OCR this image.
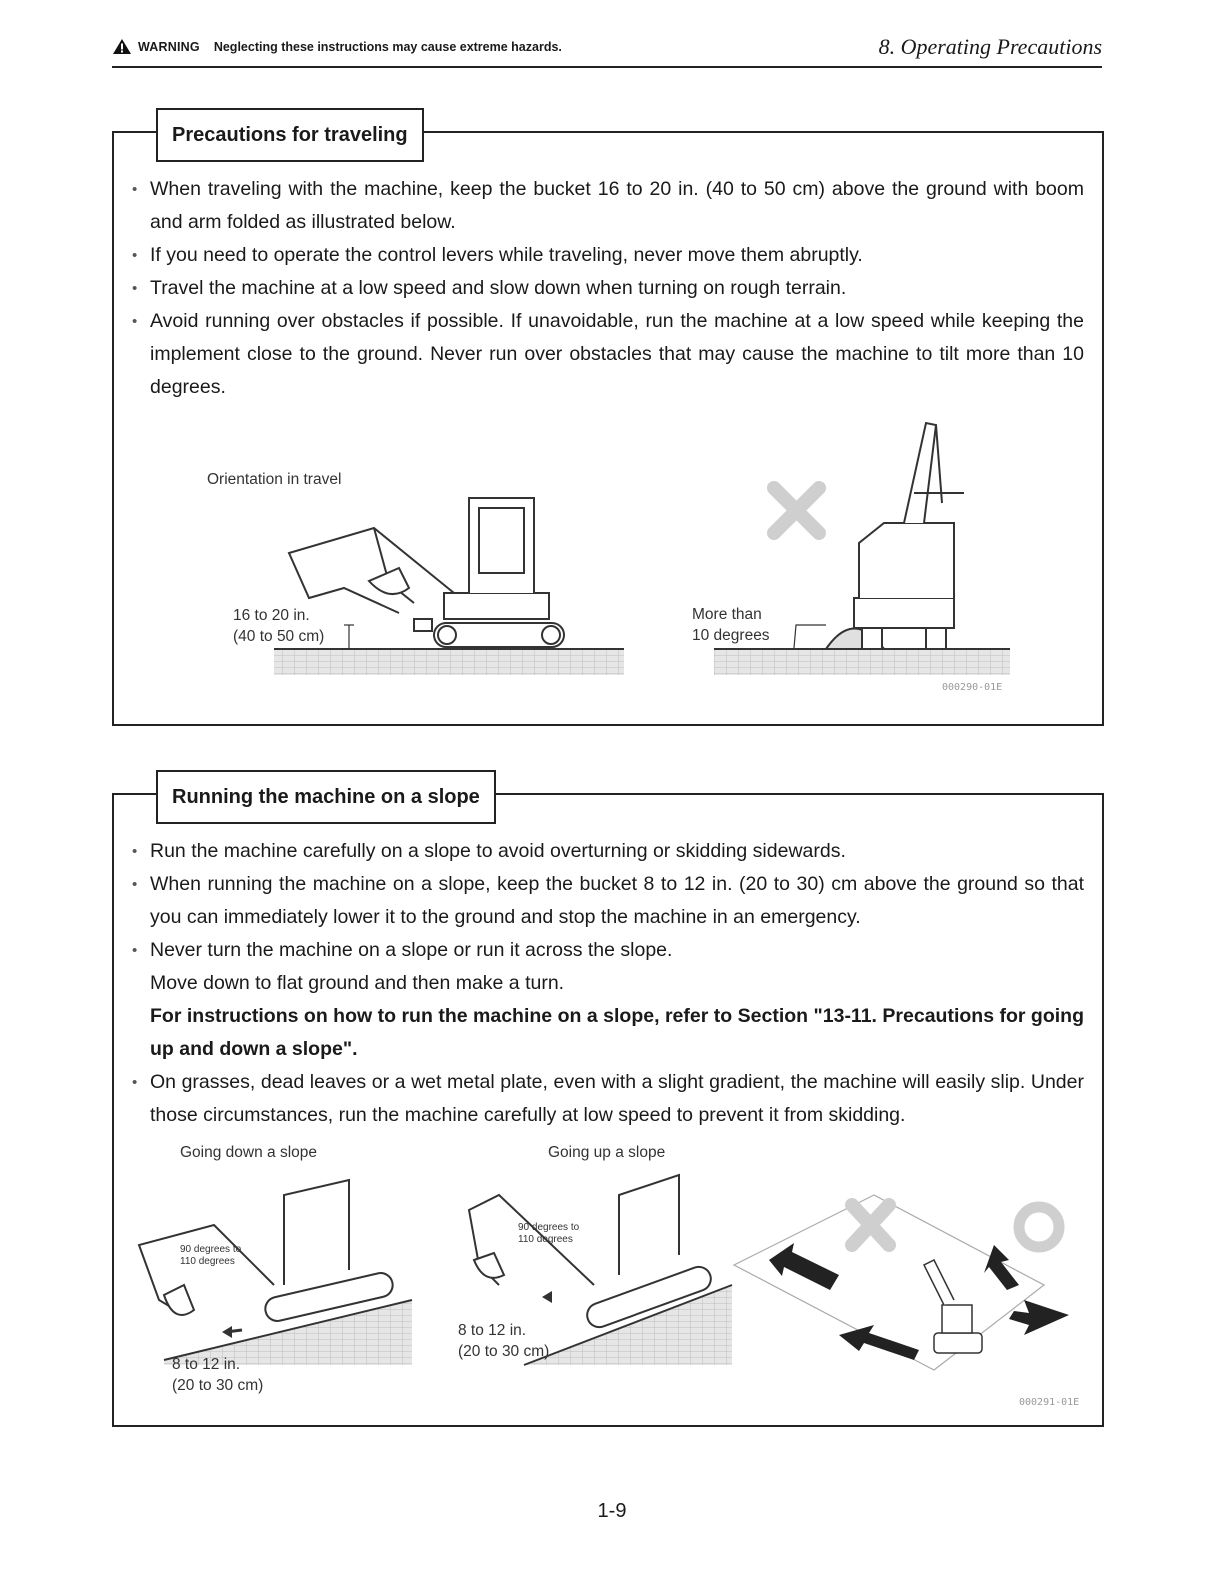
WARNING Neglecting these instructions may cause extreme hazards.	8. Operating Precautions
Precautions for traveling
• When traveling with the machine, keep the bucket 16 to 20 in. (40 to 50 cm) above the ground with boom and arm folded as illustrated below.
• If you need to operate the control levers while traveling, never move them abruptly.
• Travel the machine at a low speed and slow down when turning on rough terrain.
• Avoid running over obstacles if possible. If unavoidable, run the machine at a low speed while keeping the implement close to the ground. Never run over obstacles that may cause the machine to tilt more than 10 degrees.
Orientation in travel
16 to 20 in.
(40 to 50 cm)
More than
10 degrees
000290-01E
Running the machine on a slope
• Run the machine carefully on a slope to avoid overturning or skidding sidewards.
• When running the machine on a slope, keep the bucket 8 to 12 in. (20 to 30) cm above the ground so that you can immediately lower it to the ground and stop the machine in an emergency.
• Never turn the machine on a slope or run it across the slope.
Move down to flat ground and then make a turn.
For instructions on how to run the machine on a slope, refer to Section "13-11. Precautions for going up and down a slope".
• On grasses, dead leaves or a wet metal plate, even with a slight gradient, the machine will easily slip. Under those circumstances, run the machine carefully at low speed to prevent it from skidding.
Going down a slope	Going up a slope
90 degrees to
110 degrees
8 to 12 in.
(20 to 30 cm)
90 degrees to
110 degrees
8 to 12 in.
(20 to 30 cm)
000291-01E
1-9
